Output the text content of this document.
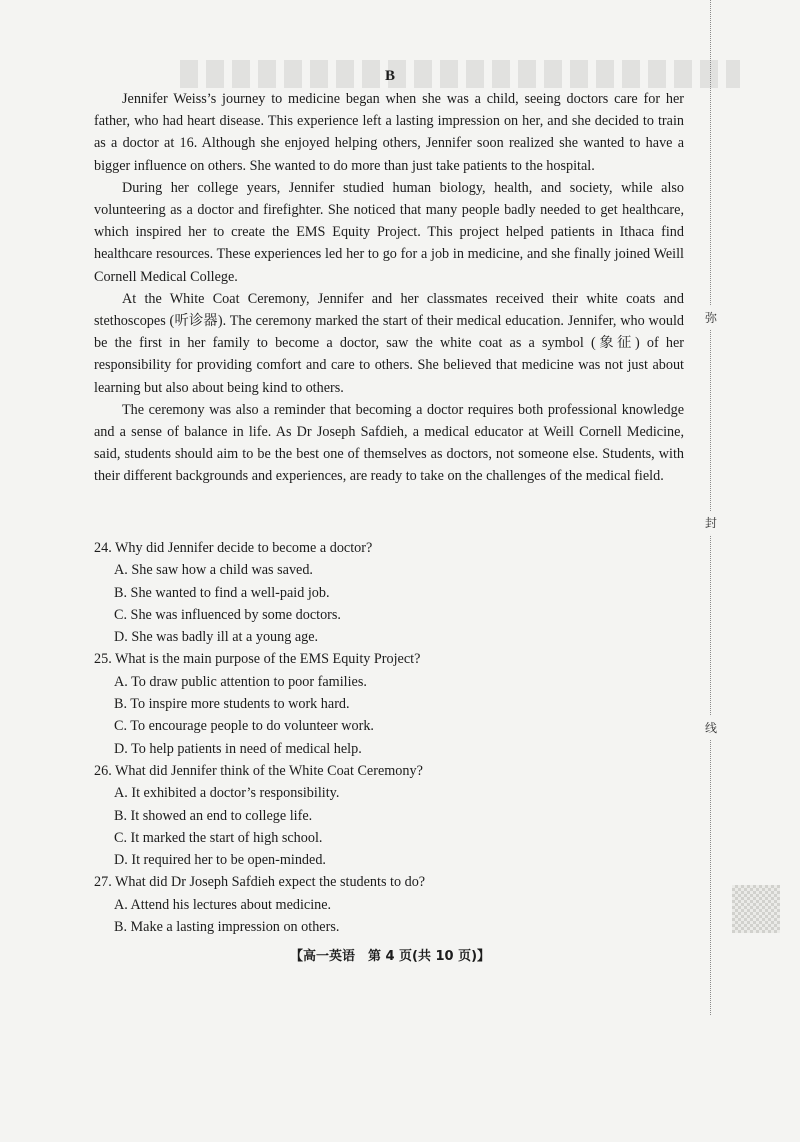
B

Jennifer Weiss’s journey to medicine began when she was a child, seeing doctors care for her father, who had heart disease. This experience left a lasting impression on her, and she decided to train as a doctor at 16. Although she enjoyed helping others, Jennifer soon realized she wanted to have a bigger influence on others. She wanted to do more than just take patients to the hospital.

During her college years, Jennifer studied human biology, health, and society, while also volunteering as a doctor and firefighter. She noticed that many people badly needed to get healthcare, which inspired her to create the EMS Equity Project. This project helped patients in Ithaca find healthcare resources. These experiences led her to go for a job in medicine, and she finally joined Weill Cornell Medical College.

At the White Coat Ceremony, Jennifer and her classmates received their white coats and stethoscopes (听诊器). The ceremony marked the start of their medical education. Jennifer, who would be the first in her family to become a doctor, saw the white coat as a symbol (象征) of her responsibility for providing comfort and care to others. She believed that medicine was not just about learning but also about being kind to others.

The ceremony was also a reminder that becoming a doctor requires both professional knowledge and a sense of balance in life. As Dr Joseph Safdieh, a medical educator at Weill Cornell Medicine, said, students should aim to be the best one of themselves as doctors, not someone else. Students, with their different backgrounds and experiences, are ready to take on the challenges of the medical field.

24. Why did Jennifer decide to become a doctor?

A. She saw how a child was saved.

B. She wanted to find a well-paid job.

C. She was influenced by some doctors.

D. She was badly ill at a young age.

25. What is the main purpose of the EMS Equity Project?

A. To draw public attention to poor families.

B. To inspire more students to work hard.

C. To encourage people to do volunteer work.

D. To help patients in need of medical help.

26. What did Jennifer think of the White Coat Ceremony?

A. It exhibited a doctor’s responsibility.

B. It showed an end to college life.

C. It marked the start of high school.

D. It required her to be open-minded.

27. What did Dr Joseph Safdieh expect the students to do?

A. Attend his lectures about medicine.

B. Make a lasting impression on others.

【高一英语　第 4 页(共 10 页)】
弥
封
线
